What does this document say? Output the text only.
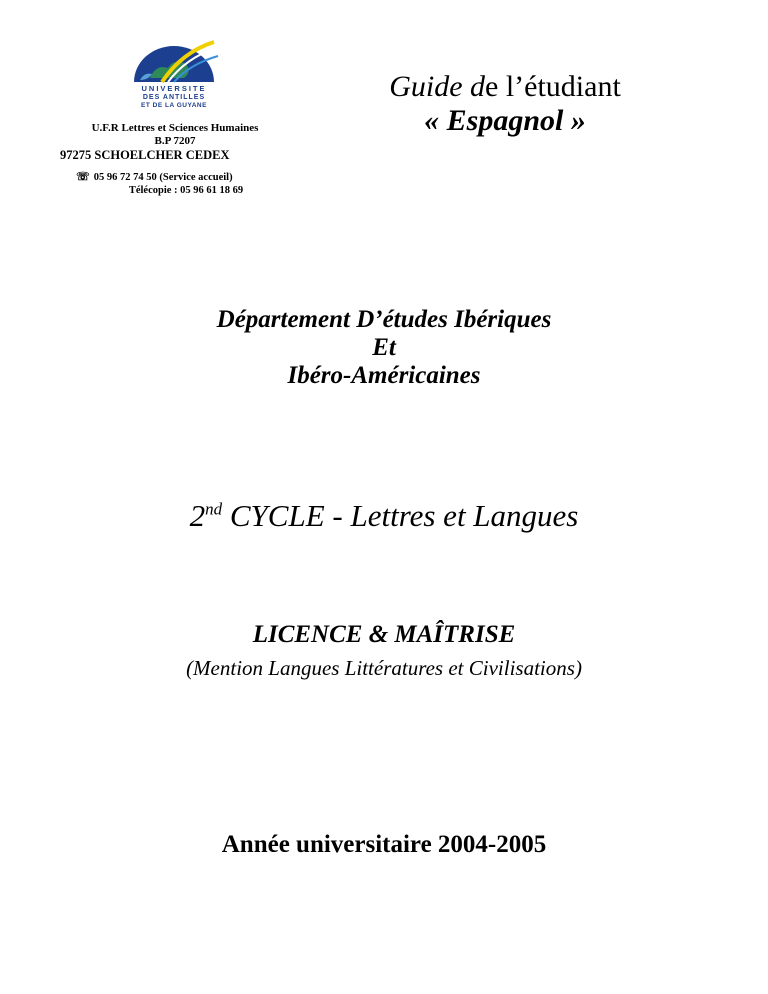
UNIVERSITE
DES ANTILLES
ET DE LA GUYANE
U.F.R Lettres et Sciences Humaines
B.P 7207
97275 SCHOELCHER CEDEX
☏ 05 96 72 74 50 (Service accueil)
Télécopie : 05 96 61 18 69
Guide de l’étudiant
« Espagnol »
Département D’études Ibériques
Et
Ibéro-Américaines
2nd CYCLE - Lettres et Langues
LICENCE & MAÎTRISE
(Mention Langues Littératures et Civilisations)
Année universitaire 2004-2005
